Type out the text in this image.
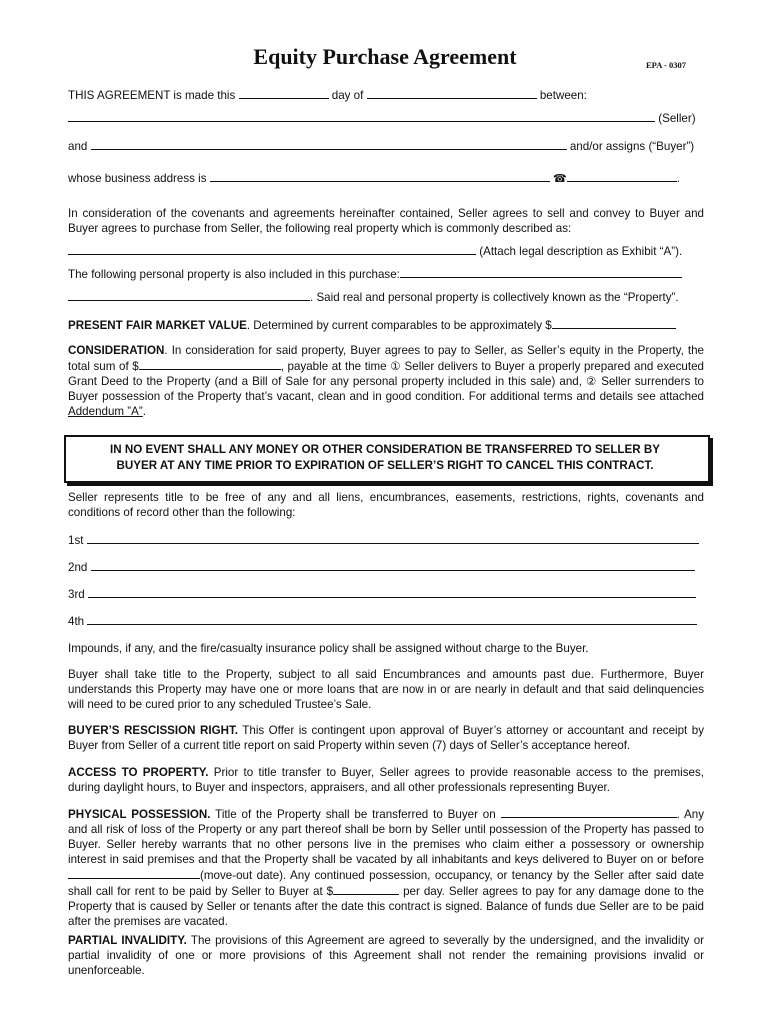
Equity Purchase Agreement	EPA - 0307
THIS AGREEMENT is made this	day of	between:
(Seller)
and	and/or assigns (“Buyer”)
whose business address is	☎	.
In consideration of the covenants and agreements hereinafter contained, Seller agrees to sell and convey to Buyer and Buyer agrees to purchase from Seller, the following real property which is commonly described as:
(Attach legal description as Exhibit “A”).
The following personal property is also included in this purchase:
. Said real and personal property is collectively known as the “Property”.
PRESENT FAIR MARKET VALUE. Determined by current comparables to be approximately $
CONSIDERATION. In consideration for said property, Buyer agrees to pay to Seller, as Seller’s equity in the Property, the total sum of $	, payable at the time ① Seller delivers to Buyer a properly prepared and executed Grant Deed to the Property (and a Bill of Sale for any personal property included in this sale) and, ② Seller surrenders to Buyer possession of the Property that’s vacant, clean and in good condition. For additional terms and details see attached Addendum ”A”.
IN NO EVENT SHALL ANY MONEY OR OTHER CONSIDERATION BE TRANSFERRED TO SELLER BY
BUYER AT ANY TIME PRIOR TO EXPIRATION OF SELLER’S RIGHT TO CANCEL THIS CONTRACT.
Seller represents title to be free of any and all liens, encumbrances, easements, restrictions, rights, covenants and conditions of record other than the following:
1st
2nd
3rd
4th
Impounds, if any, and the fire/casualty insurance policy shall be assigned without charge to the Buyer.
Buyer shall take title to the Property, subject to all said Encumbrances and amounts past due. Furthermore, Buyer understands this Property may have one or more loans that are now in or are nearly in default and that said delinquencies will need to be cured prior to any scheduled Trustee’s Sale.
BUYER’S RESCISSION RIGHT. This Offer is contingent upon approval of Buyer’s attorney or accountant and receipt by Buyer from Seller of a current title report on said Property within seven (7) days of Seller’s acceptance hereof.
ACCESS TO PROPERTY. Prior to title transfer to Buyer, Seller agrees to provide reasonable access to the premises, during daylight hours, to Buyer and inspectors, appraisers, and all other professionals representing Buyer.
PHYSICAL POSSESSION. Title of the Property shall be transferred to Buyer on	. Any and all risk of loss of the Property or any part thereof shall be born by Seller until possession of the Property has passed to Buyer. Seller hereby warrants that no other persons live in the premises who claim either a possessory or ownership interest in said premises and that the Property shall be vacated by all inhabitants and keys delivered to Buyer on or before (move-out date). Any continued possession, occupancy, or tenancy by the Seller after said date shall call for rent to be paid by Seller to Buyer at $	per day. Seller agrees to pay for any damage done to the Property that is caused by Seller or tenants after the date this contract is signed. Balance of funds due Seller are to be paid after the premises are vacated.
PARTIAL INVALIDITY. The provisions of this Agreement are agreed to severally by the undersigned, and the invalidity or partial invalidity of one or more provisions of this Agreement shall not render the remaining provisions invalid or unenforceable.
